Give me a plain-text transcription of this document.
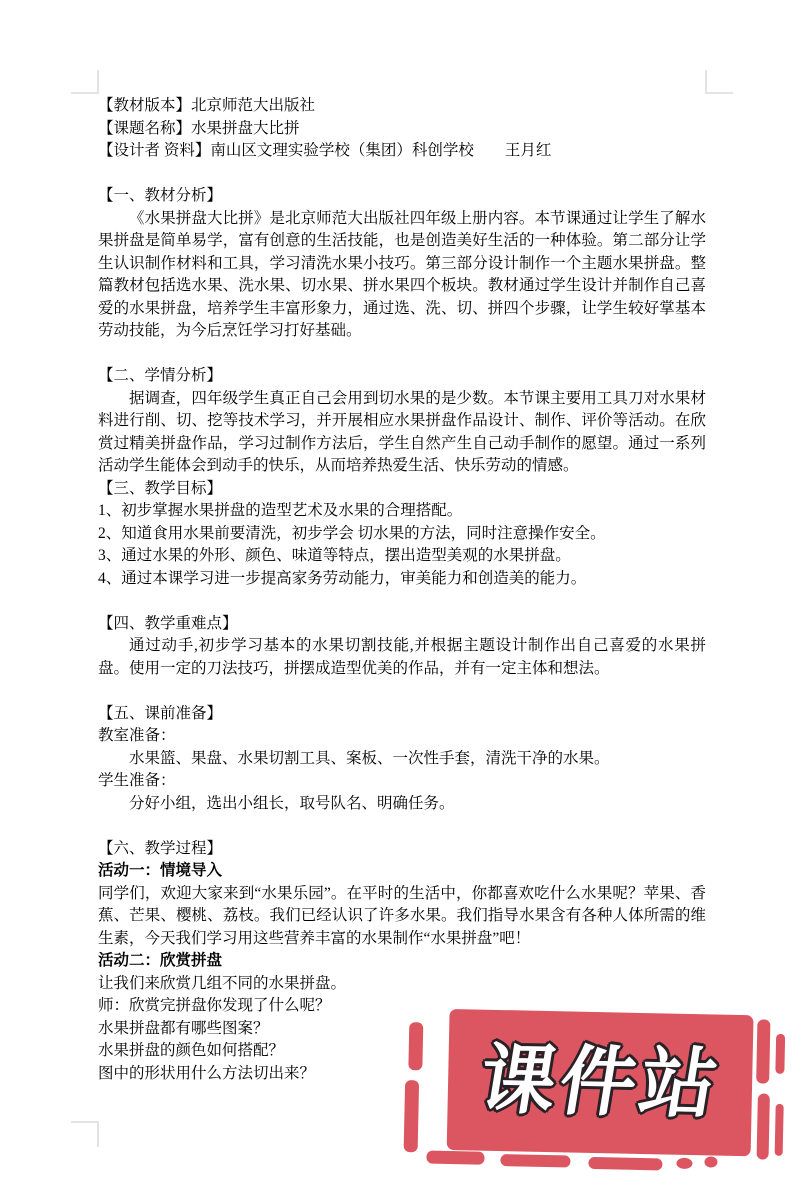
【教材版本】北京师范大出版社

【课题名称】水果拼盘大比拼

【设计者 资料】南山区文理实验学校（集团）科创学校　　王月红

【一、教材分析】

《水果拼盘大比拼》是北京师范大出版社四年级上册内容。本节课通过让学生了解水果拼盘是简单易学，富有创意的生活技能，也是创造美好生活的一种体验。第二部分让学生认识制作材料和工具，学习清洗水果小技巧。第三部分设计制作一个主题水果拼盘。整篇教材包括选水果、洗水果、切水果、拼水果四个板块。教材通过学生设计并制作自己喜爱的水果拼盘，培养学生丰富形象力，通过选、洗、切、拼四个步骤，让学生较好掌基本劳动技能，为今后烹饪学习打好基础。

【二、学情分析】

据调查，四年级学生真正自己会用到切水果的是少数。本节课主要用工具刀对水果材料进行削、切、挖等技术学习，并开展相应水果拼盘作品设计、制作、评价等活动。在欣赏过精美拼盘作品，学习过制作方法后，学生自然产生自己动手制作的愿望。通过一系列活动学生能体会到动手的快乐，从而培养热爱生活、快乐劳动的情感。

【三、教学目标】

1、初步掌握水果拼盘的造型艺术及水果的合理搭配。

2、知道食用水果前要清洗，初步学会 切水果的方法，同时注意操作安全。

3、通过水果的外形、颜色、味道等特点，摆出造型美观的水果拼盘。

4、通过本课学习进一步提高家务劳动能力，审美能力和创造美的能力。

【四、教学重难点】

通过动手,初步学习基本的水果切割技能,并根据主题设计制作出自己喜爱的水果拼盘。使用一定的刀法技巧，拼摆成造型优美的作品，并有一定主体和想法。

【五、课前准备】

教室准备：

水果篮、果盘、水果切割工具、案板、一次性手套，清洗干净的水果。

学生准备：

分好小组，选出小组长，取号队名、明确任务。

【六、教学过程】

活动一：情境导入

同学们，欢迎大家来到“水果乐园”。在平时的生活中，你都喜欢吃什么水果呢？苹果、香蕉、芒果、樱桃、荔枝。我们已经认识了许多水果。我们指导水果含有各种人体所需的维生素，今天我们学习用这些营养丰富的水果制作“水果拼盘”吧！

活动二：欣赏拼盘

让我们来欣赏几组不同的水果拼盘。

师：欣赏完拼盘你发现了什么呢？

水果拼盘都有哪些图案？

水果拼盘的颜色如何搭配？

图中的形状用什么方法切出来？	课件站
